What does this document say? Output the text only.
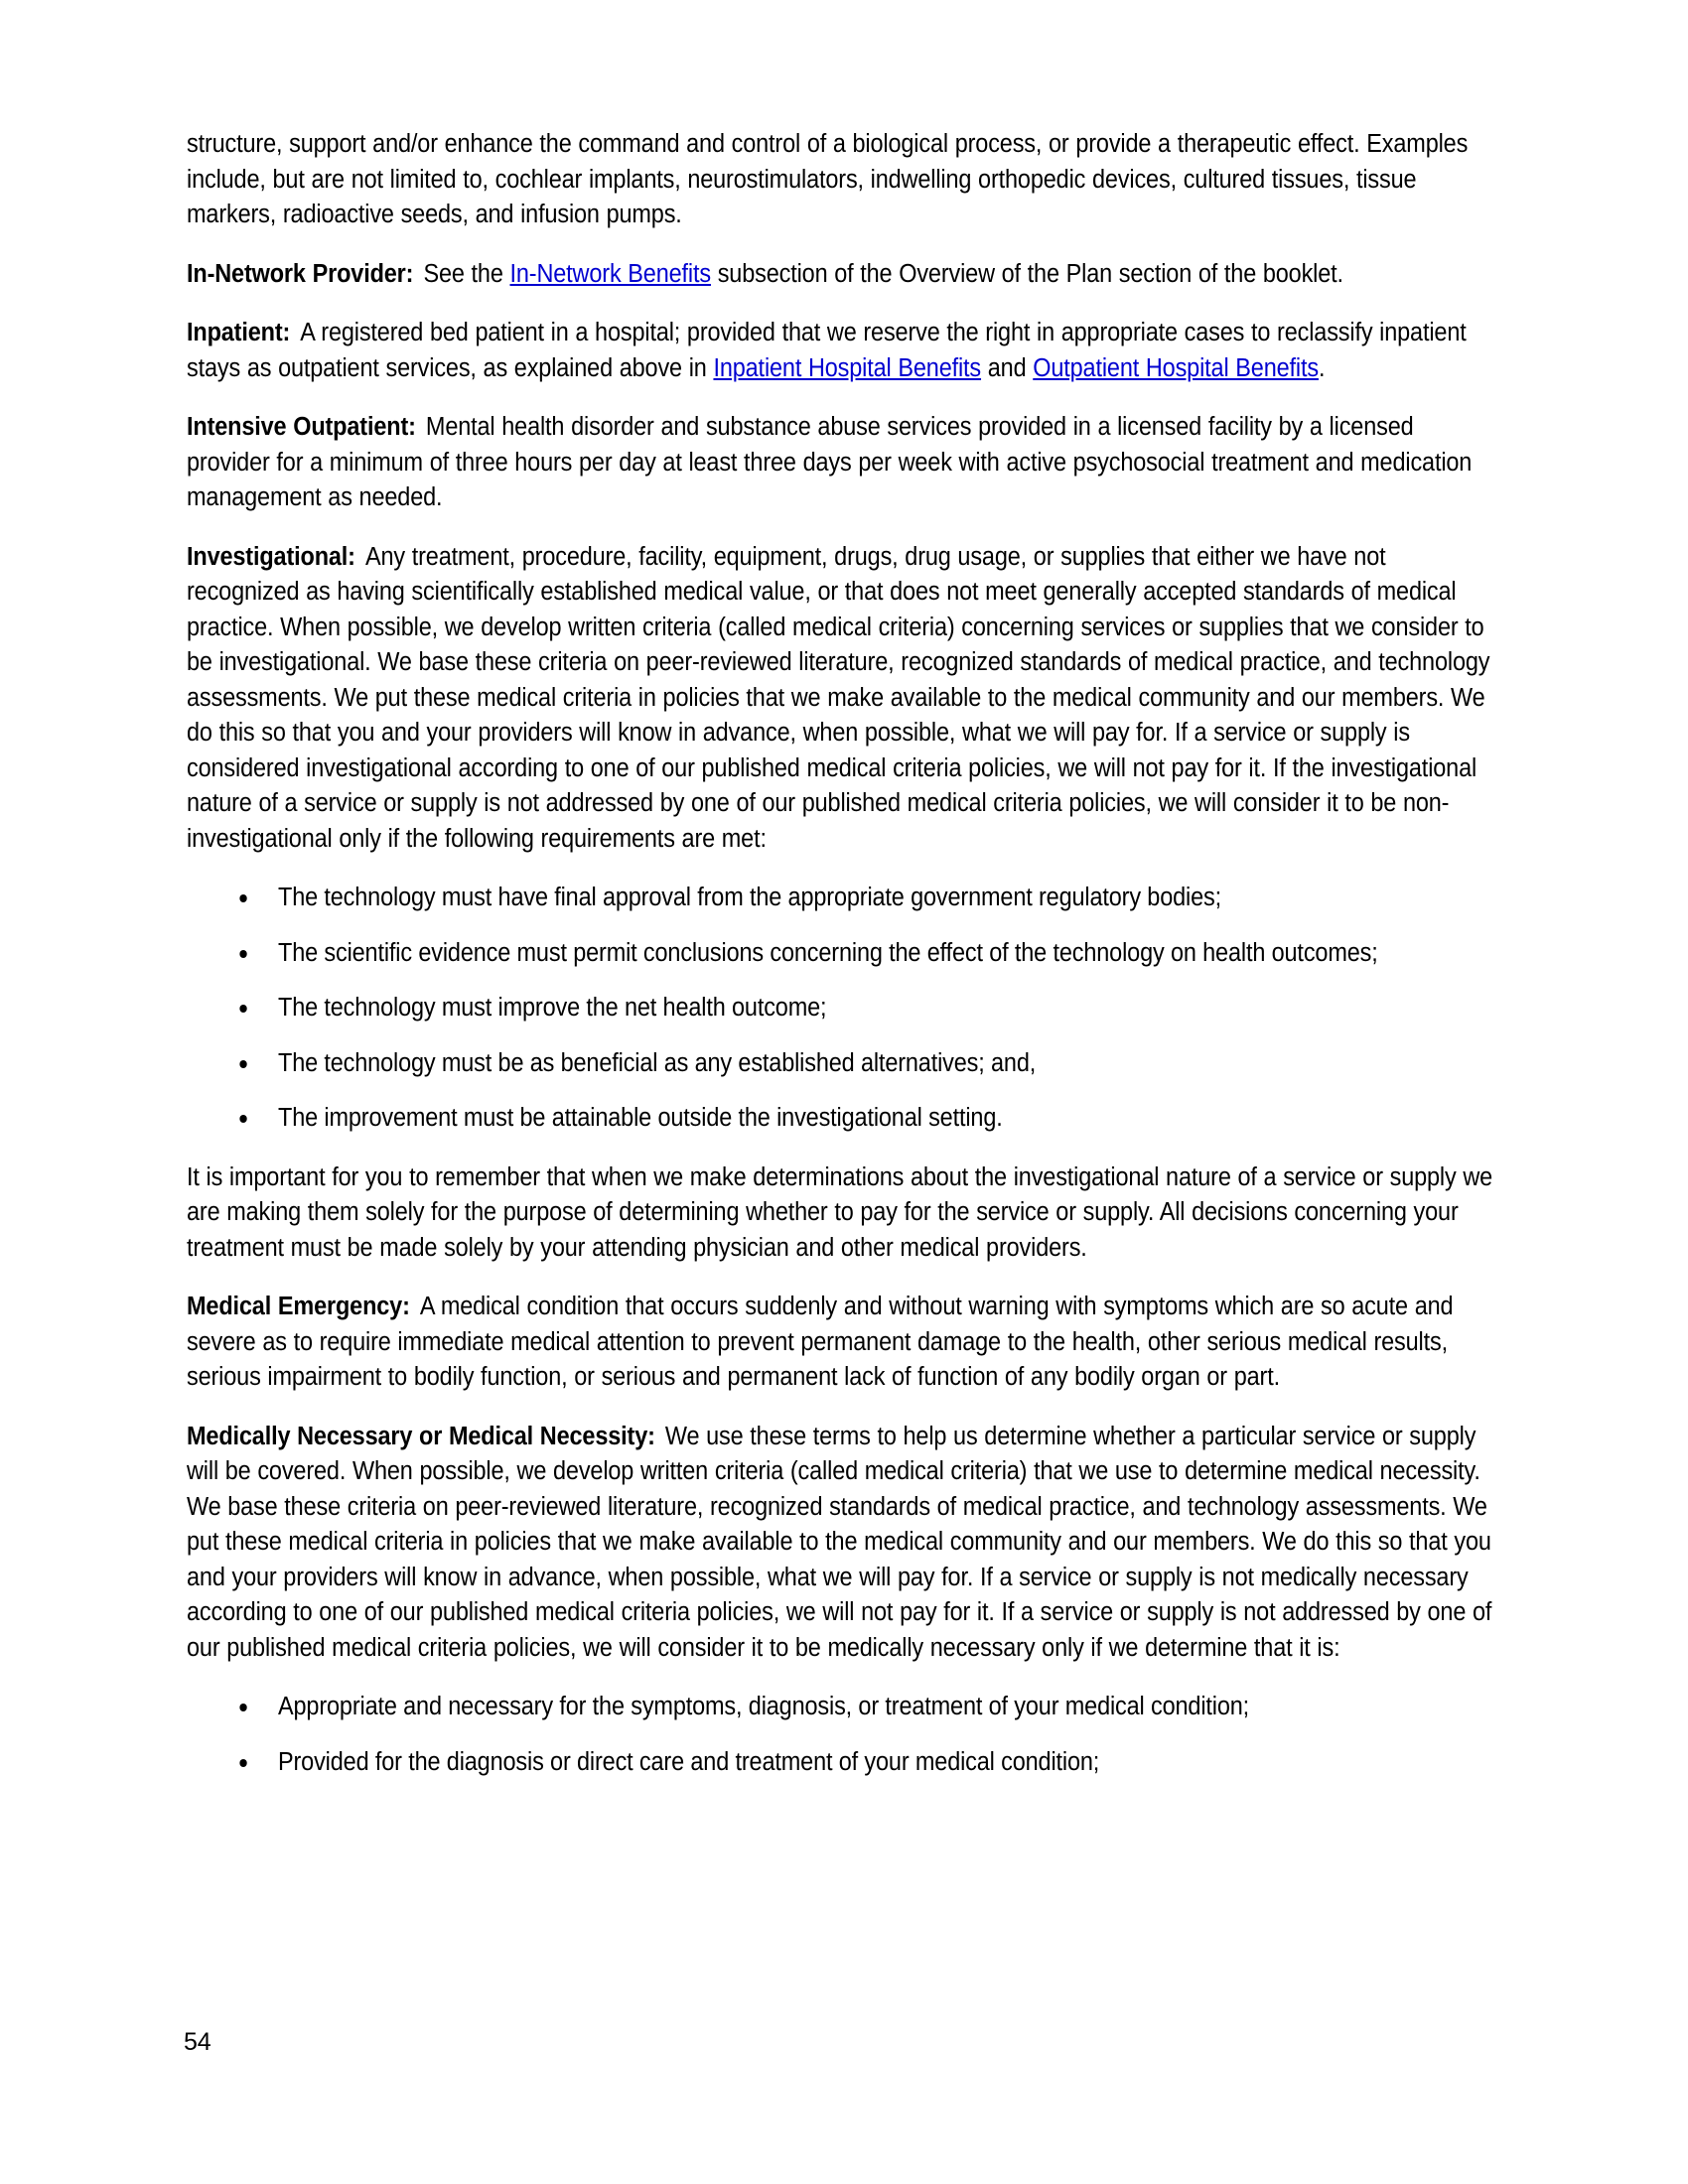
structure, support and/or enhance the command and control of a biological process, or provide a therapeutic effect. Examples include, but are not limited to, cochlear implants, neurostimulators, indwelling orthopedic devices, cultured tissues, tissue markers, radioactive seeds, and infusion pumps.

In-Network Provider: See the In-Network Benefits subsection of the Overview of the Plan section of the booklet.

Inpatient: A registered bed patient in a hospital; provided that we reserve the right in appropriate cases to reclassify inpatient stays as outpatient services, as explained above in Inpatient Hospital Benefits and Outpatient Hospital Benefits.

Intensive Outpatient: Mental health disorder and substance abuse services provided in a licensed facility by a licensed provider for a minimum of three hours per day at least three days per week with active psychosocial treatment and medication management as needed.

Investigational: Any treatment, procedure, facility, equipment, drugs, drug usage, or supplies that either we have not recognized as having scientifically established medical value, or that does not meet generally accepted standards of medical practice. When possible, we develop written criteria (called medical criteria) concerning services or supplies that we consider to be investigational. We base these criteria on peer-reviewed literature, recognized standards of medical practice, and technology assessments. We put these medical criteria in policies that we make available to the medical community and our members. We do this so that you and your providers will know in advance, when possible, what we will pay for. If a service or supply is considered investigational according to one of our published medical criteria policies, we will not pay for it. If the investigational nature of a service or supply is not addressed by one of our published medical criteria policies, we will consider it to be non-investigational only if the following requirements are met:

The technology must have final approval from the appropriate government regulatory bodies;
The scientific evidence must permit conclusions concerning the effect of the technology on health outcomes;
The technology must improve the net health outcome;
The technology must be as beneficial as any established alternatives; and,
The improvement must be attainable outside the investigational setting.

It is important for you to remember that when we make determinations about the investigational nature of a service or supply we are making them solely for the purpose of determining whether to pay for the service or supply. All decisions concerning your treatment must be made solely by your attending physician and other medical providers.

Medical Emergency: A medical condition that occurs suddenly and without warning with symptoms which are so acute and severe as to require immediate medical attention to prevent permanent damage to the health, other serious medical results, serious impairment to bodily function, or serious and permanent lack of function of any bodily organ or part.

Medically Necessary or Medical Necessity: We use these terms to help us determine whether a particular service or supply will be covered. When possible, we develop written criteria (called medical criteria) that we use to determine medical necessity. We base these criteria on peer-reviewed literature, recognized standards of medical practice, and technology assessments. We put these medical criteria in policies that we make available to the medical community and our members. We do this so that you and your providers will know in advance, when possible, what we will pay for. If a service or supply is not medically necessary according to one of our published medical criteria policies, we will not pay for it. If a service or supply is not addressed by one of our published medical criteria policies, we will consider it to be medically necessary only if we determine that it is:

Appropriate and necessary for the symptoms, diagnosis, or treatment of your medical condition;
Provided for the diagnosis or direct care and treatment of your medical condition;
54
